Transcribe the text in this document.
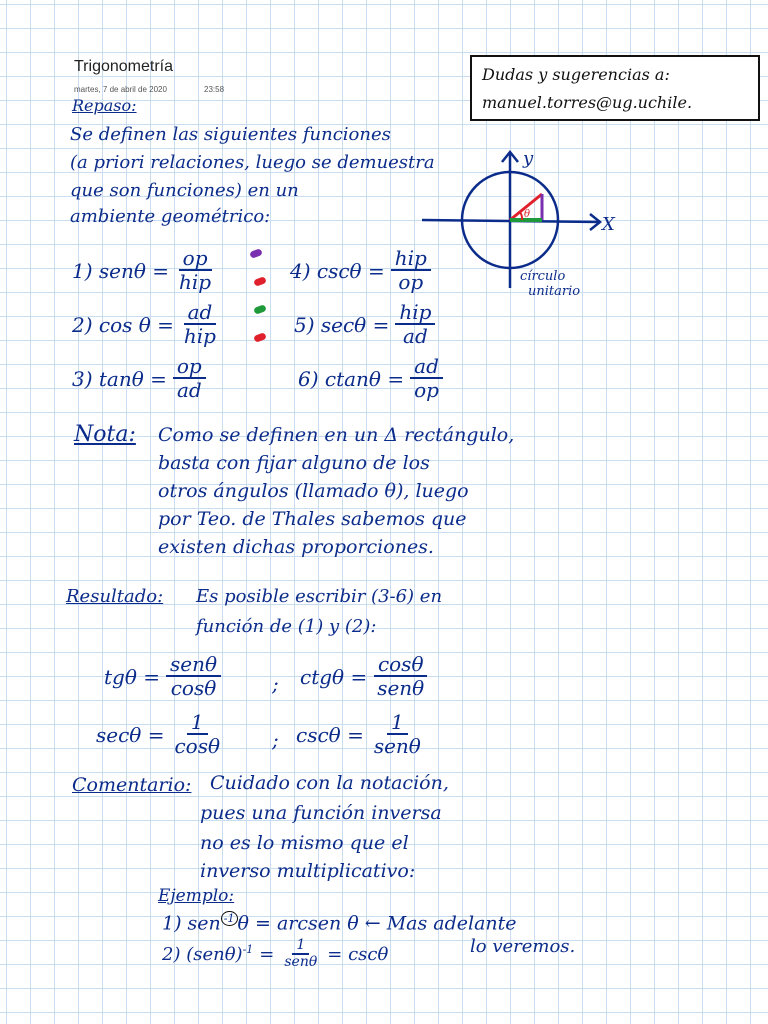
Trigonometría
martes, 7 de abril de 2020	23:58
Dudas y sugerencias a:
manuel.torres@ug.uchile.
Repaso:
Se definen las siguientes funciones
(a priori relaciones, luego se demuestra
que son funciones) en un
ambiente geométrico:	θ
y
X
círculo
unitario
1) $sen\theta = \frac{op}{\text{hip}}$	4) $\csc\theta = \frac{\text{hip}}{op}$
2) $\cos \theta = \frac{ad}{\text{hip}}$	5) $\sec\theta = \frac{\text{hip}}{ad}$
3) $\tan\theta = \frac{op}{ad}$	6) $ctan\theta = \frac{ad}{op}$
Nota: Como se definen en un Δ rectángulo,
basta con fijar alguno de los
otros ángulos (llamado θ), luego
por Teo. de Thales sabemos que
existen dichas proporciones.
Resultado: Es posible escribir (3-6) en
función de (1) y (2):
$tg\theta = \frac{\text{senθ}}{\cos\theta}$	; $ctg\theta = \frac{\cos\theta}{\text{senθ}}$
$\sec\theta = \frac{1}{\cos\theta}$ ; $\csc\theta = \frac{1}{\text{senθ}}$
Comentario: Cuidado con la notación,
pues una función inversa
no es lo mismo que el
inverso multiplicativo:
Ejemplo:
1) sen $^{-1}$ θ = arcsen θ ← Mas adelante
2) $(sen\theta)^{-1} = \frac{1}{\text{senθ}} = \csc\theta$	lo veremos.
